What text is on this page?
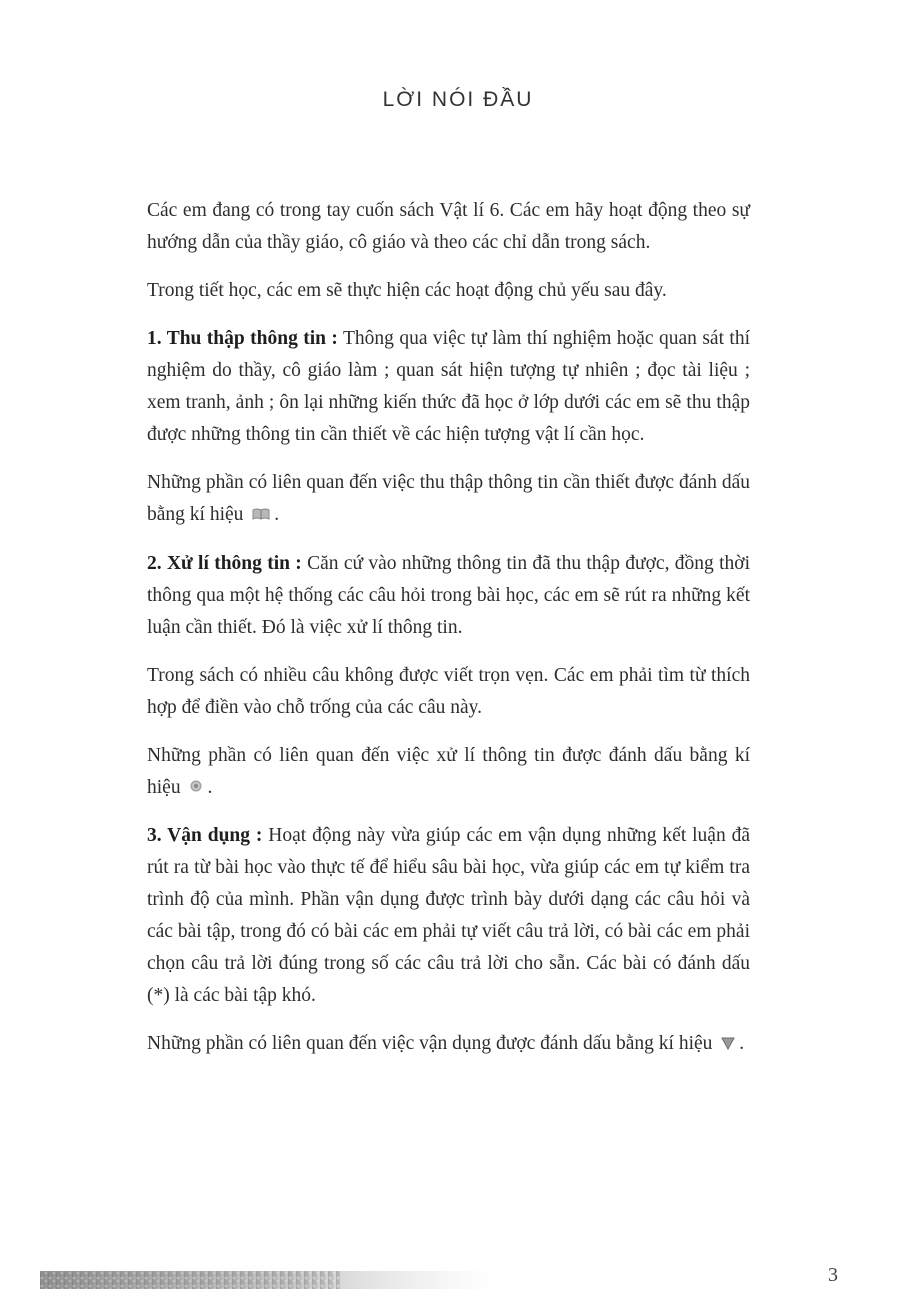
LỜI NÓI ĐẦU

Các em đang có trong tay cuốn sách Vật lí 6. Các em hãy hoạt động theo sự hướng dẫn của thầy giáo, cô giáo và theo các chỉ dẫn trong sách.

Trong tiết học, các em sẽ thực hiện các hoạt động chủ yếu sau đây.

1. Thu thập thông tin : Thông qua việc tự làm thí nghiệm hoặc quan sát thí nghiệm do thầy, cô giáo làm ; quan sát hiện tượng tự nhiên ; đọc tài liệu ; xem tranh, ảnh ; ôn lại những kiến thức đã học ở lớp dưới các em sẽ thu thập được những thông tin cần thiết về các hiện tượng vật lí cần học.

Những phần có liên quan đến việc thu thập thông tin cần thiết được đánh dấu bằng kí hiệu .

2. Xử lí thông tin : Căn cứ vào những thông tin đã thu thập được, đồng thời thông qua một hệ thống các câu hỏi trong bài học, các em sẽ rút ra những kết luận cần thiết. Đó là việc xử lí thông tin.

Trong sách có nhiều câu không được viết trọn vẹn. Các em phải tìm từ thích hợp để điền vào chỗ trống của các câu này.

Những phần có liên quan đến việc xử lí thông tin được đánh dấu bằng kí hiệu .

3. Vận dụng : Hoạt động này vừa giúp các em vận dụng những kết luận đã rút ra từ bài học vào thực tế để hiểu sâu bài học, vừa giúp các em tự kiểm tra trình độ của mình. Phần vận dụng được trình bày dưới dạng các câu hỏi và các bài tập, trong đó có bài các em phải tự viết câu trả lời, có bài các em phải chọn câu trả lời đúng trong số các câu trả lời cho sẵn. Các bài có đánh dấu (*) là các bài tập khó.

Những phần có liên quan đến việc vận dụng được đánh dấu bằng kí hiệu .

3
